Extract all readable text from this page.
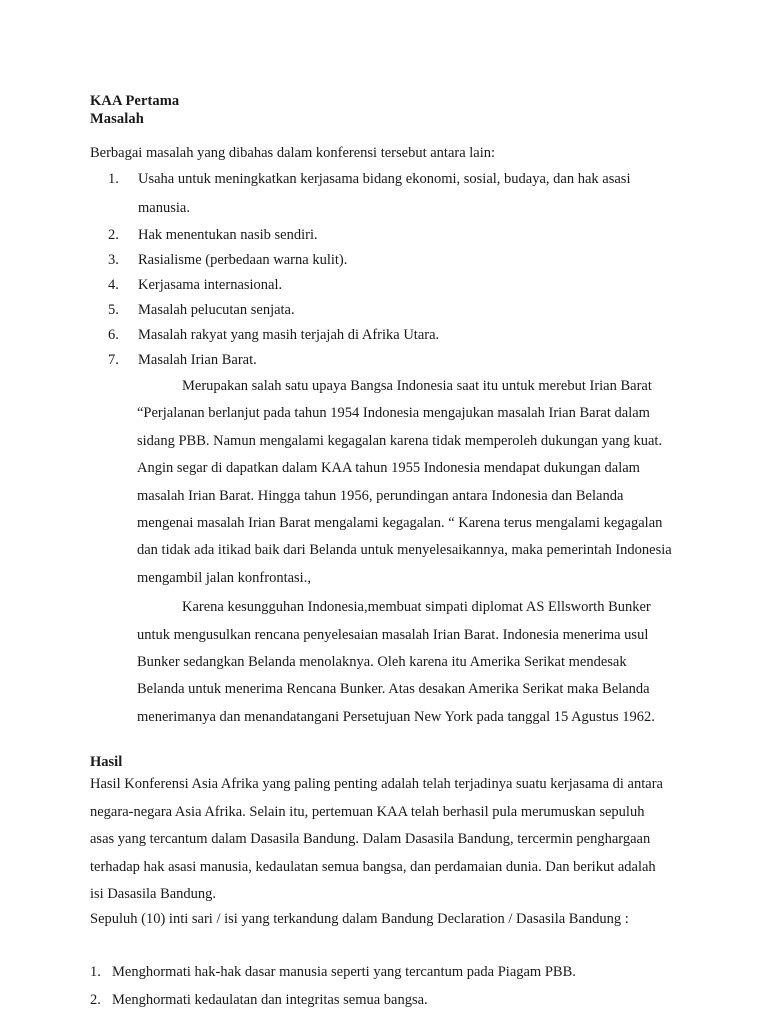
KAA Pertama
Masalah

Berbagai masalah yang dibahas dalam konferensi tersebut antara lain:

1.	Usaha untuk meningkatkan kerjasama bidang ekonomi, sosial, budaya, dan hak asasi manusia.
2.	Hak menentukan nasib sendiri.
3.	Rasialisme (perbedaan warna kulit).
4.	Kerjasama internasional.
5.	Masalah pelucutan senjata.
6.	Masalah rakyat yang masih terjajah di Afrika Utara.
7.	Masalah Irian Barat.

Merupakan salah satu upaya Bangsa Indonesia saat itu untuk merebut Irian Barat “Perjalanan berlanjut pada tahun 1954 Indonesia mengajukan masalah Irian Barat dalam sidang PBB. Namun mengalami kegagalan karena tidak memperoleh dukungan yang kuat. Angin segar di dapatkan dalam KAA tahun 1955 Indonesia mendapat dukungan dalam masalah Irian Barat. Hingga tahun 1956, perundingan antara Indonesia dan Belanda mengenai masalah Irian Barat mengalami kegagalan. “ Karena terus mengalami kegagalan dan tidak ada itikad baik dari Belanda untuk menyelesaikannya, maka pemerintah Indonesia mengambil jalan konfrontasi.,

Karena kesungguhan Indonesia,membuat simpati diplomat AS Ellsworth Bunker untuk mengusulkan rencana penyelesaian masalah Irian Barat. Indonesia menerima usul Bunker sedangkan Belanda menolaknya. Oleh karena itu Amerika Serikat mendesak Belanda untuk menerima Rencana Bunker. Atas desakan Amerika Serikat maka Belanda menerimanya dan menandatangani Persetujuan New York pada tanggal 15 Agustus 1962.

Hasil

Hasil Konferensi Asia Afrika yang paling penting adalah telah terjadinya suatu kerjasama di antara negara-negara Asia Afrika. Selain itu, pertemuan KAA telah berhasil pula merumuskan sepuluh asas yang tercantum dalam Dasasila Bandung. Dalam Dasasila Bandung, tercermin penghargaan terhadap hak asasi manusia, kedaulatan semua bangsa, dan perdamaian dunia. Dan berikut adalah isi Dasasila Bandung.

Sepuluh (10) inti sari / isi yang terkandung dalam Bandung Declaration / Dasasila Bandung :

1. Menghormati hak-hak dasar manusia seperti yang tercantum pada Piagam PBB.
2. Menghormati kedaulatan dan integritas semua bangsa.
